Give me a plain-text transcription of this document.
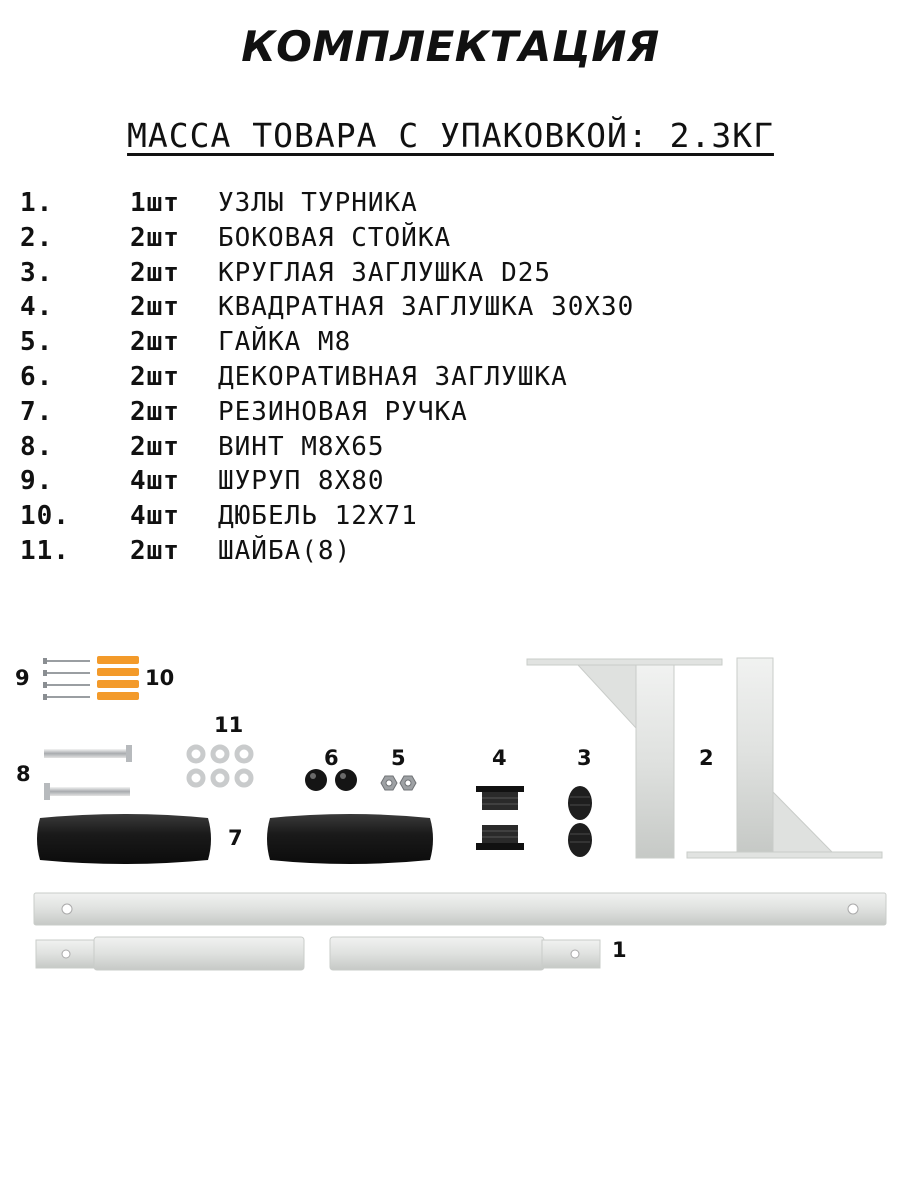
КОМПЛЕКТАЦИЯ
МАССА ТОВАРА С УПАКОВКОЙ: 2.3КГ
1.	1шт УЗЛЫ ТУРНИКА
2.	2шт БОКОВАЯ СТОЙКА
3.	2шт КРУГЛАЯ ЗАГЛУШКА D25
4.	2шт КВАДРАТНАЯ ЗАГЛУШКА 30Х30
5.	2шт ГАЙКА М8
6.	2шт ДЕКОРАТИВНАЯ ЗАГЛУШКА
7.	2шт РЕЗИНОВАЯ РУЧКА
8.	2шт ВИНТ М8Х65
9.	4шт ШУРУП 8Х80
10. 4шт ДЮБЕЛЬ 12Х71
11. 2шт ШАЙБА(8)
9	10
11
8
7
6 5	4	3	2
1
